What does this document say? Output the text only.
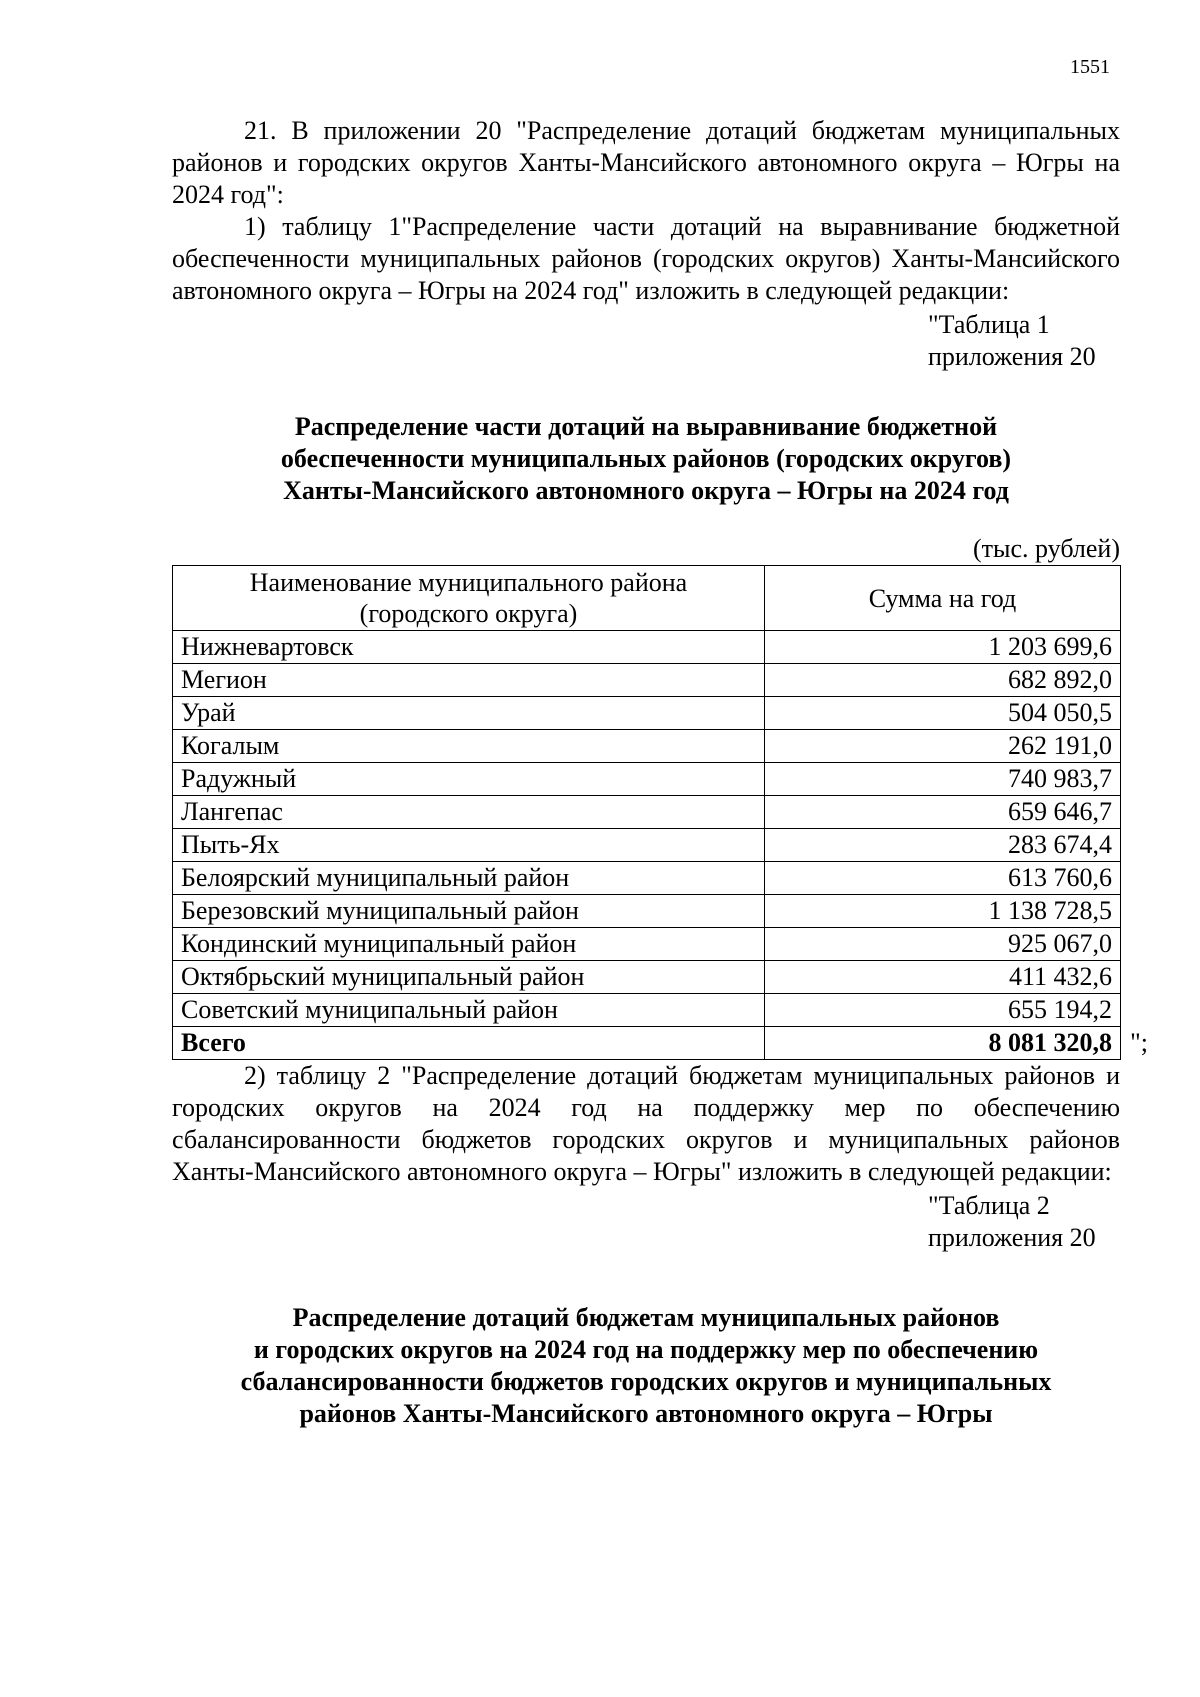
1551

21. В приложении 20 "Распределение дотаций бюджетам муниципальных районов и городских округов Ханты-Мансийского автономного округа – Югры на 2024 год":

1) таблицу 1"Распределение части дотаций на выравнивание бюджетной обеспеченности муниципальных районов (городских округов) Ханты-Мансийского автономного округа – Югры на 2024 год" изложить в следующей редакции:

"Таблица 1
приложения 20
Распределение части дотаций на выравнивание бюджетной
обеспеченности муниципальных районов (городских округов)
Ханты-Мансийского автономного округа – Югры на 2024 год
(тыс. рублей)
Наименование муниципального района
(городского округа)	Сумма на год
Нижневартовск	1 203 699,6
Мегион	682 892,0
Урай	504 050,5
Когалым	262 191,0
Радужный	740 983,7
Лангепас	659 646,7
Пыть-Ях	283 674,4
Белоярский муниципальный район	613 760,6
Березовский муниципальный район	1 138 728,5
Кондинский муниципальный район	925 067,0
Октябрьский муниципальный район	411 432,6
Советский муниципальный район	655 194,2
Всего	8 081 320,8 ";

2) таблицу 2 "Распределение дотаций бюджетам муниципальных районов и городских округов на 2024 год на поддержку мер по обеспечению сбалансированности бюджетов городских округов и муниципальных районов Ханты-Мансийского автономного округа – Югры" изложить в следующей редакции:

"Таблица 2
приложения 20
Распределение дотаций бюджетам муниципальных районов
и городских округов на 2024 год на поддержку мер по обеспечению
сбалансированности бюджетов городских округов и муниципальных
районов Ханты-Мансийского автономного округа – Югры
